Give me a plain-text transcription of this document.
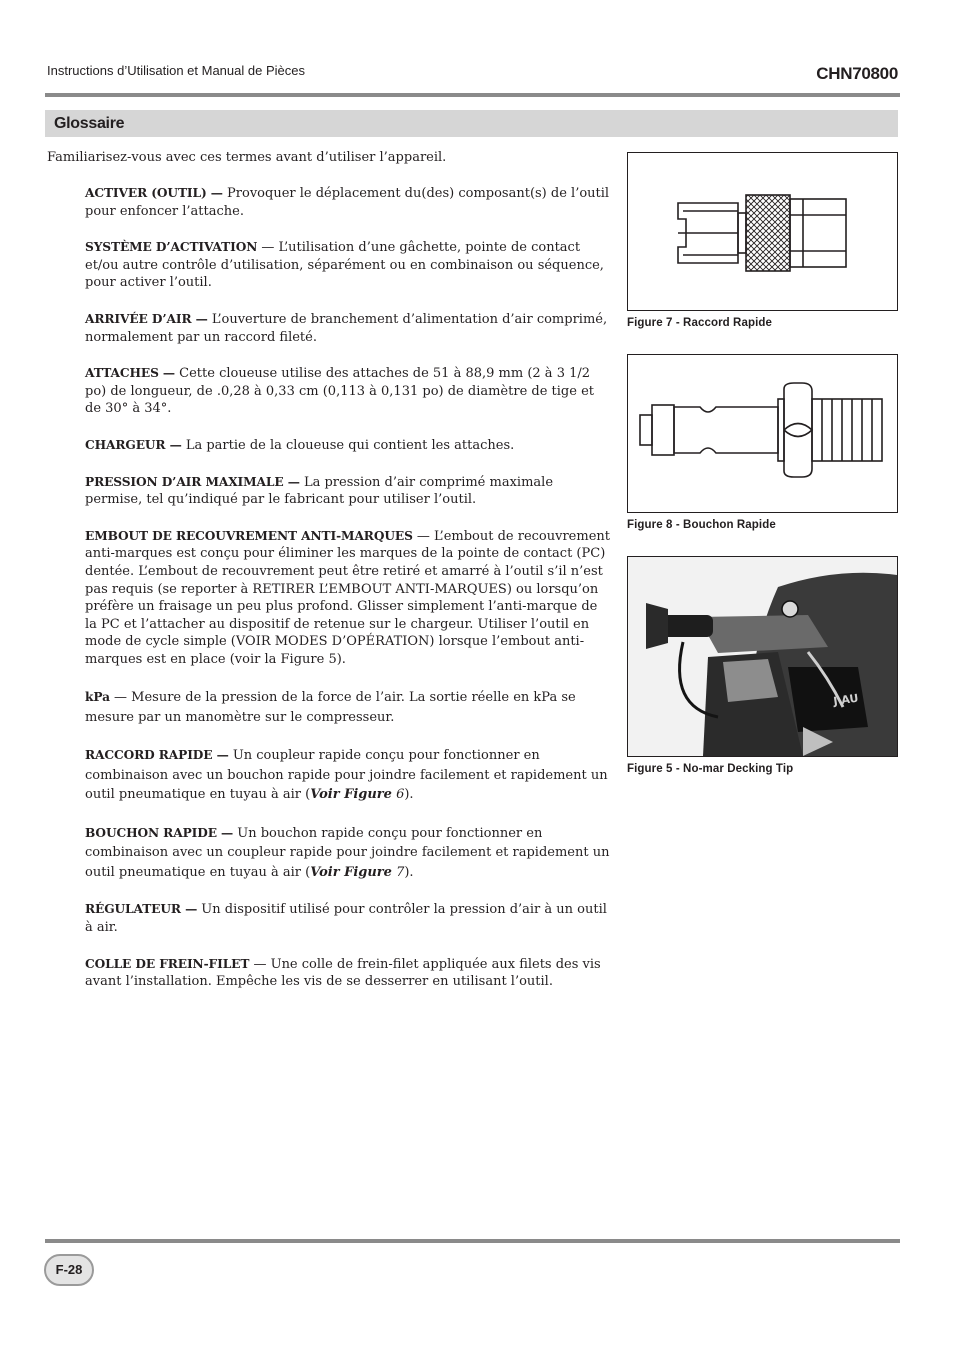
Instructions d’Utilisation et Manual de Pièces	CHN70800
Glossaire
Familiarisez-vous avec ces termes avant d’utiliser l’appareil.

ACTIVER (OUTIL) — Provoquer le déplacement du(des) composant(s) de l’outil pour enfoncer l’attache.

SYSTÈME D’ACTIVATION — L’utilisation d’une gâchette, pointe de contact et/ou autre contrôle d’utilisation, séparément ou en combinaison ou séquence, pour activer l’outil.

ARRIVÉE D’AIR — L’ouverture de branchement d’alimentation d’air comprimé, normalement par un raccord fileté.

ATTACHES — Cette cloueuse utilise des attaches de 51 à 88,9 mm (2 à 3 1/2 po) de longueur, de .0,28 à 0,33 cm (0,113 à 0,131 po) de diamètre de tige et de 30° à 34°.

CHARGEUR — La partie de la cloueuse qui contient les attaches.

PRESSION D’AIR MAXIMALE — La pression d’air comprimé maximale permise, tel qu’indiqué par le fabricant pour utiliser l’outil.

EMBOUT DE RECOUVREMENT ANTI-MARQUES — L’embout de recouvrement anti-marques est conçu pour éliminer les marques de la pointe de contact (PC) dentée. L’embout de recouvrement peut être retiré et amarré à l’outil s’il n’est pas requis (se reporter à RETIRER L’EMBOUT ANTI-MARQUES) ou lorsqu’on préfère un fraisage un peu plus profond. Glisser simplement l’anti-marque de la PC et l’attacher au dispositif de retenue sur le chargeur. Utiliser l’outil en mode de cycle simple (VOIR MODES D’OPÉRATION) lorsque l’embout anti-marques est en place (voir la Figure 5).

kPa — Mesure de la pression de la force de l’air. La sortie réelle en kPa se mesure par un manomètre sur le compresseur.

RACCORD RAPIDE — Un coupleur rapide conçu pour fonctionner en combinaison avec un bouchon rapide pour joindre facilement et rapidement un outil pneumatique en tuyau à air (Voir Figure 6).

BOUCHON RAPIDE — Un bouchon rapide conçu pour fonctionner en combinaison avec un coupleur rapide pour joindre facilement et rapidement un outil pneumatique en tuyau à air (Voir Figure 7).

RÉGULATEUR — Un dispositif utilisé pour contrôler la pression d’air à un outil à air.

COLLE DE FREIN-FILET — Une colle de frein-filet appliquée aux filets des vis avant l’installation. Empêche les vis de se desserrer en utilisant l’outil.

Figure 7 - Raccord Rapide
Figure 8 - Bouchon Rapide
J AU
Figure 5 - No-mar Decking Tip
F-28
